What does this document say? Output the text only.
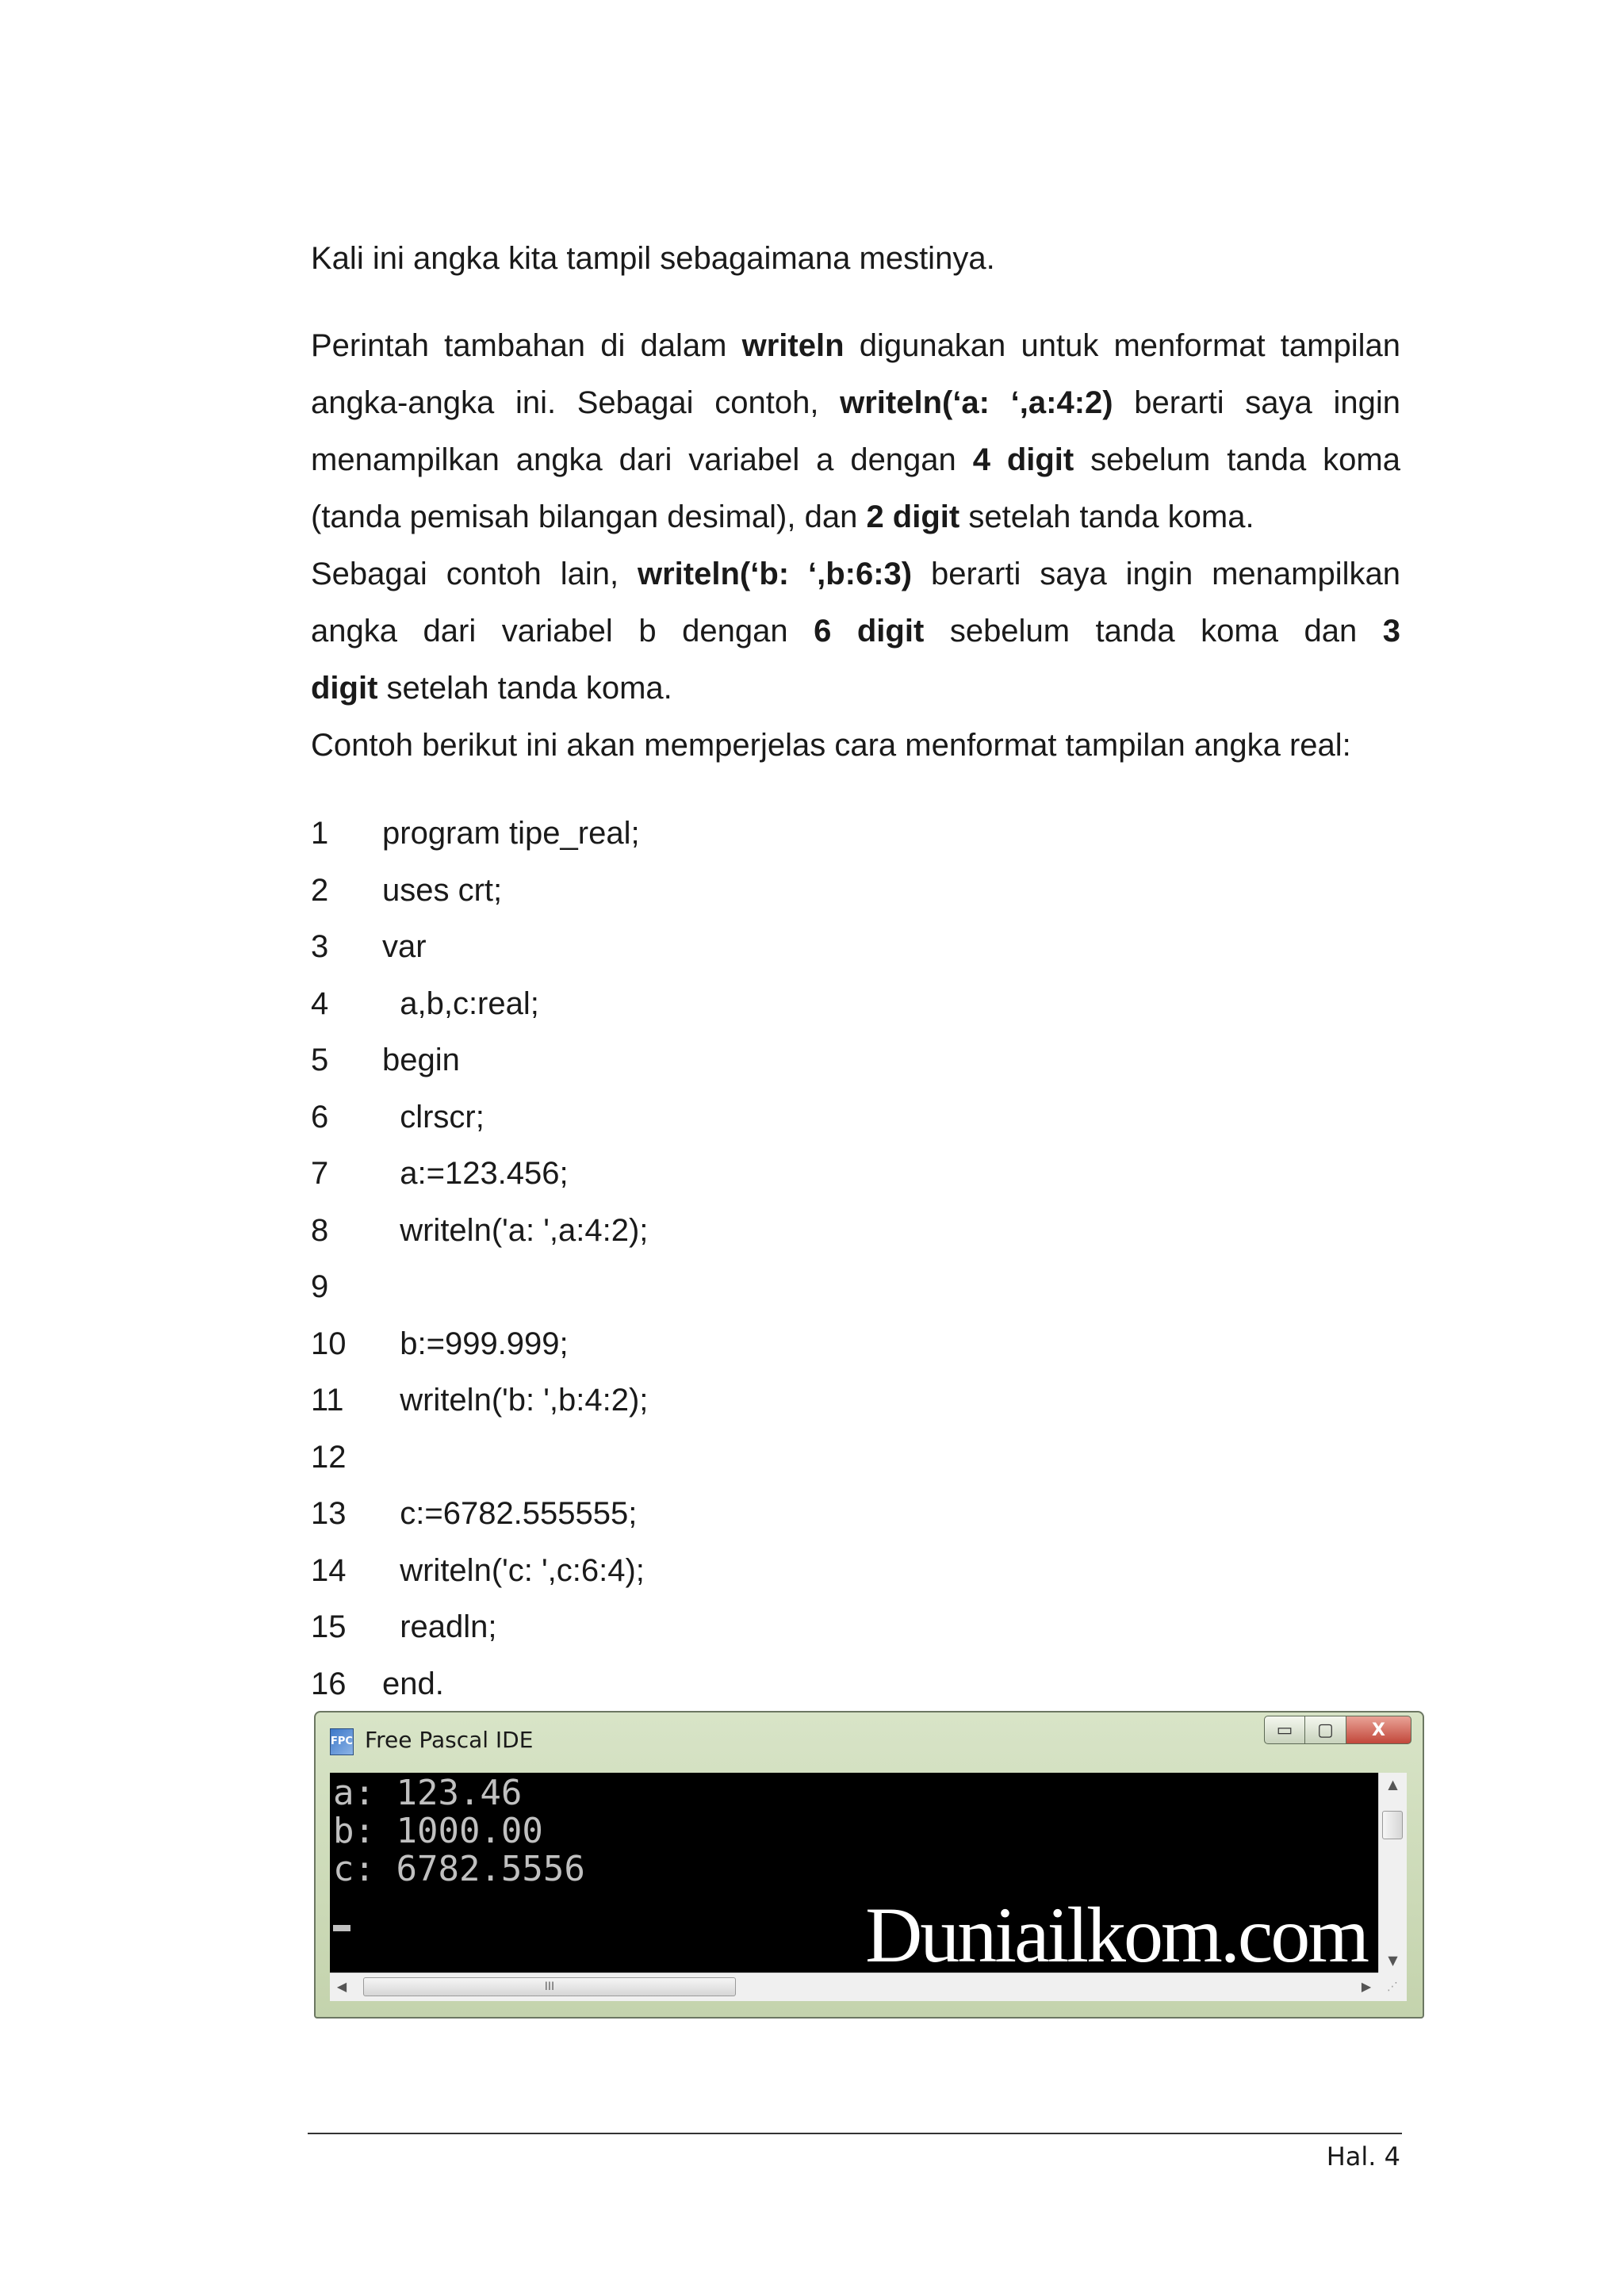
Kali ini angka kita tampil sebagaimana mestinya.

Perintah tambahan di dalam writeln digunakan untuk menformat tampilan
angka-angka ini. Sebagai contoh, writeln(‘a: ‘,a:4:2) berarti saya ingin
menampilkan angka dari variabel a dengan 4 digit sebelum tanda koma
(tanda pemisah bilangan desimal), dan 2 digit setelah tanda koma.

Sebagai contoh lain, writeln(‘b: ‘,b:6:3) berarti saya ingin menampilkan
angka dari variabel b dengan 6 digit sebelum tanda koma dan 3
digit setelah tanda koma.

Contoh berikut ini akan memperjelas cara menformat tampilan angka real:

1	program tipe_real;
2	uses crt;
3	var
4	a,b,c:real;
5	begin
6	clrscr;
7	a:=123.456;
8	writeln('a: ',a:4:2);
9
10	b:=999.999;
11	writeln('b: ',b:4:2);
12
13	c:=6782.555555;
14	writeln('c: ',c:6:4);
15	readln;
16	end.
FPC Free Pascal IDE	▭ ▢ X
a: 123.46
b: 1000.00
c: 6782.5556
Duniailkom.com
▲
▼
◀	III	▶	⋰
Hal. 4
